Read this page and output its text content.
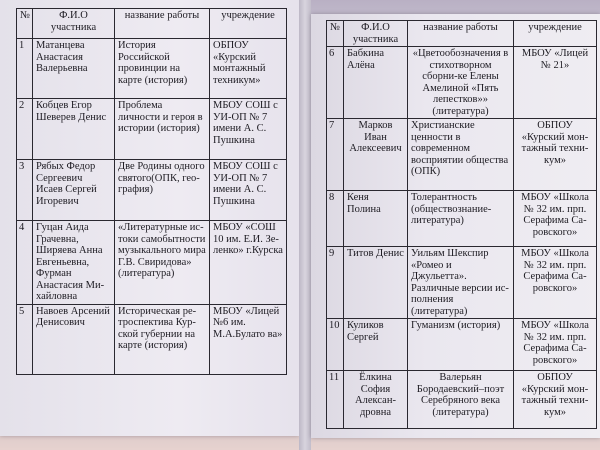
№	Ф.И.О участника	название работы	учреждение
1	Матанцева Анастасия Валерьевна	История Российской провинции на карте (история)	ОБПОУ «Курский монтажный техникум»
2	Кобцев Егор Шеверев Денис	Проблема личности и героя в истории (история)	МБОУ СОШ с УИ-ОП № 7 имени А. С. Пушкина
3	Рябых Федор Сергеевич Исаев Сергей Игоревич	Две Родины одного святого(ОПК, гео-графия)	МБОУ СОШ с УИ-ОП № 7 имени А. С. Пушкина
4	Гуцан Аида Грачевна, Ширяева Анна Евгеньевна, Фурман Анастасия Ми-хайловна	«Литературные ис-токи самобытности музыкального мира Г.В. Свиридова» (литература)	МБОУ «СОШ 10 им. Е.И. Зе-ленко» г.Курска
5	Навоев Арсений Денисович	Историческая ре-троспектива Кур-ской губернии на карте (история)	МБОУ «Лицей №6 им. М.А.Булато ва»
№	Ф.И.О участника	название работы	учреждение
6	Бабкина Алёна	«Цветообозначения в стихотворном сборни-ке Елены Амелиной «Пять лепестков»» (литература)	МБОУ «Лицей № 21»
7	Марков Иван Алексеевич	Христианские ценности в современном восприятии общества (ОПК)	ОБПОУ «Курский мон-тажный техни-кум»
8	Кеня Полина	Толерантность (обществознание-литература)	МБОУ «Школа № 32 им. прп. Серафима Са-ровского»
9	Титов Денис	Уильям Шекспир «Ромео и Джульетта». Различные версии ис-полнения (литература)	МБОУ «Школа № 32 им. прп. Серафима Са-ровского»
10	Куликов Сергей	Гуманизм (история)	МБОУ «Школа № 32 им. прп. Серафима Са-ровского»
11	Ёлкина София Алексан-дровна	Валерьян Бородаевский–поэт Серебряного века (литература)	ОБПОУ «Курский мон-тажный техни-кум»
